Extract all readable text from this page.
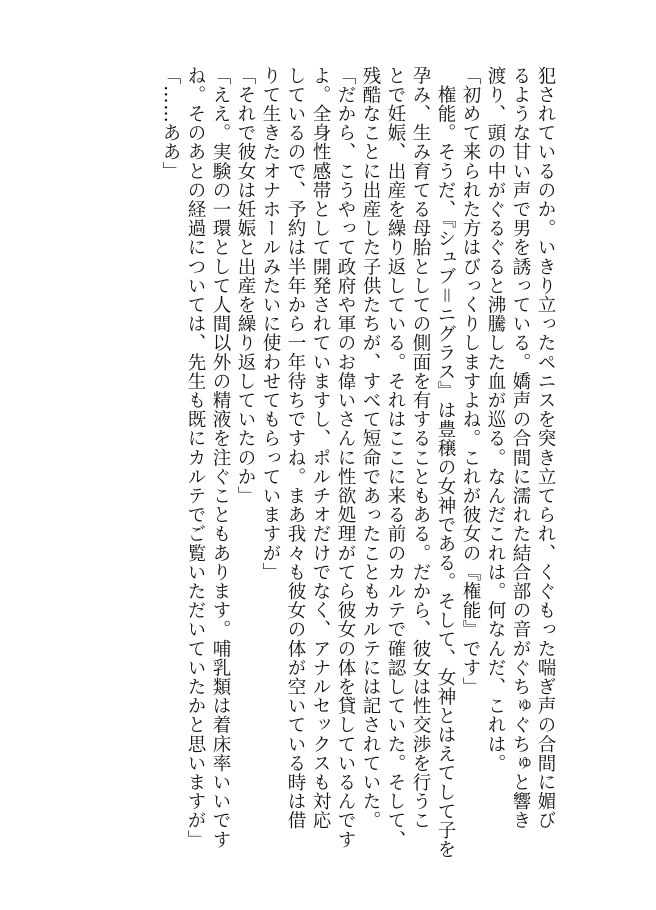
犯されているのか。いきり立ったペニスを突き立てられ、くぐもった喘ぎ声の合間に媚び
るような甘い声で男を誘っている。嬌声の合間に濡れた結合部の音がぐちゅぐちゅと響き
渡り、頭の中がぐるぐると沸騰した血が巡る。なんだこれは。何なんだ、これは。
「初めて来られた方はびっくりしますよね。これが彼女の『権能』です」
　権能。そうだ、『シュブ＝ニグラス』は豊穣の女神である。そして、女神とはえてして子を
孕み、生み育てる母胎としての側面を有することもある。だから、彼女は性交渉を行うこ
とで妊娠、出産を繰り返している。それはここに来る前のカルテで確認していた。そして、
残酷なことに出産した子供たちが、すべて短命であったこともカルテには記されていた。
「だから、こうやって政府や軍のお偉いさんに性欲処理がてら彼女の体を貸しているんです
よ。全身性感帯として開発されていますし、ポルチオだけでなく、アナルセックスも対応
しているので、予約は半年から一年待ちですね。まあ我々も彼女の体が空いている時は借
りて生きたオナホールみたいに使わせてもらっていますが」
「それで彼女は妊娠と出産を繰り返していたのか」
「ええ。実験の一環として人間以外の精液を注ぐこともあります。哺乳類は着床率いいです
ね。そのあとの経過については、先生も既にカルテでご覧いただいていたかと思いますが」
「……ああ」
